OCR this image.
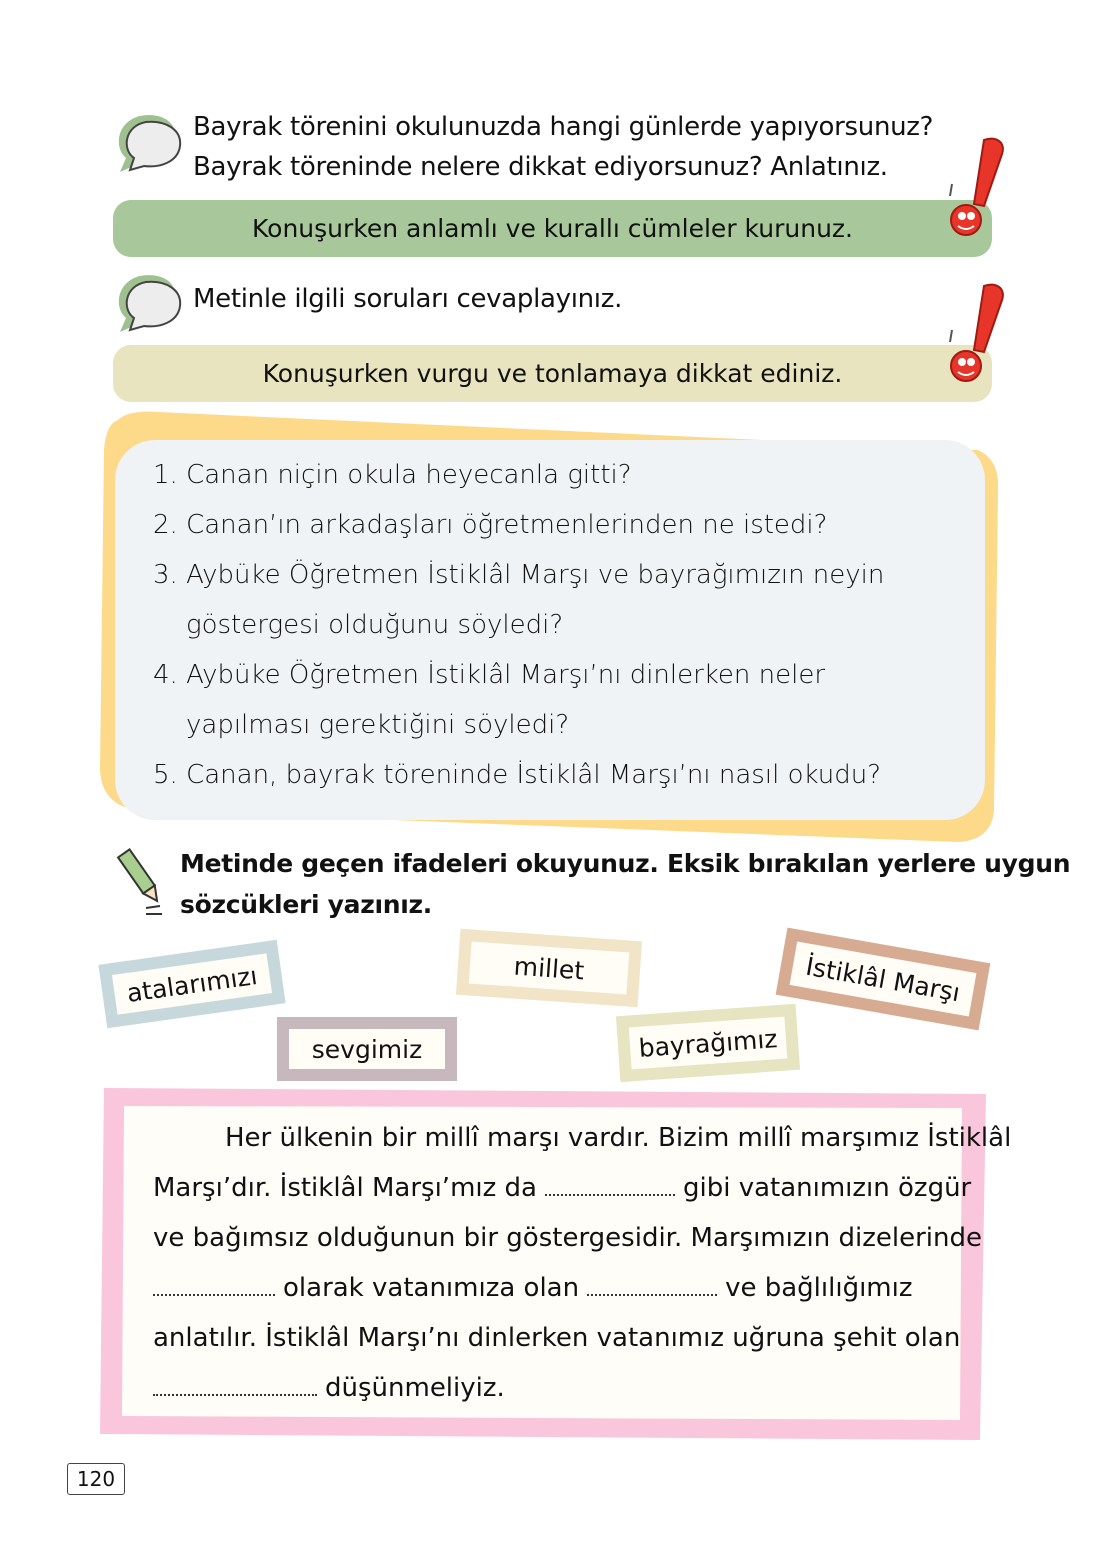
Bayrak törenini okulunuzda hangi günlerde yapıyorsunuz?
Bayrak töreninde nelere dikkat ediyorsunuz? Anlatınız.
Konuşurken anlamlı ve kurallı cümleler kurunuz.
Metinle ilgili soruları cevaplayınız.
Konuşurken vurgu ve tonlamaya dikkat ediniz.
1. Canan niçin okula heyecanla gitti?
2. Canan’ın arkadaşları öğretmenlerinden ne istedi?
3. Aybüke Öğretmen İstiklâl Marşı ve bayrağımızın neyin
göstergesi olduğunu söyledi?
4. Aybüke Öğretmen İstiklâl Marşı’nı dinlerken neler
yapılması gerektiğini söyledi?
5. Canan, bayrak töreninde İstiklâl Marşı’nı nasıl okudu?
Metinde geçen ifadeleri okuyunuz. Eksik bırakılan yerlere uygun
sözcükleri yazınız.
atalarımızı	millet	İstiklâl Marşı
sevgimiz	bayrağımız
Her ülkenin bir millî marşı vardır. Bizim millî marşımız İstiklâl
Marşı’dır. İstiklâl Marşı’mız da	gibi vatanımızın özgür
ve bağımsız olduğunun bir göstergesidir. Marşımızın dizelerinde
olarak vatanımıza olan	ve bağlılığımız
anlatılır. İstiklâl Marşı’nı dinlerken vatanımız uğruna şehit olan
düşünmeliyiz.
120
